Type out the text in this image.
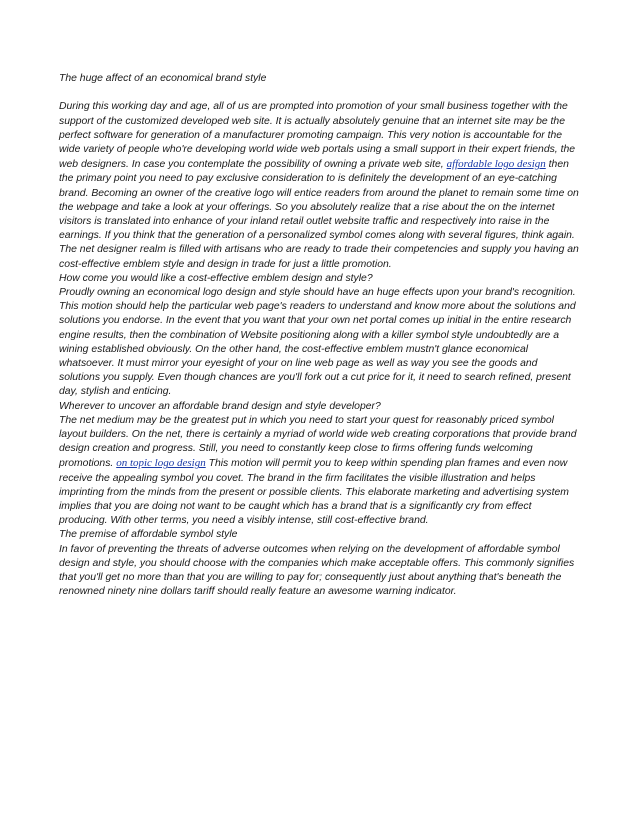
The huge affect of an economical brand style

During this working day and age, all of us are prompted into promotion of your small business together with the support of the customized developed web site. It is actually absolutely genuine that an internet site may be the perfect software for generation of a manufacturer promoting campaign. This very notion is accountable for the wide variety of people who're developing world wide web portals using a small support in their expert friends, the web designers. In case you contemplate the possibility of owning a private web site, affordable logo design then the primary point you need to pay exclusive consideration to is definitely the development of an eye-catching brand. Becoming an owner of the creative logo will entice readers from around the planet to remain some time on the webpage and take a look at your offerings. So you absolutely realize that a rise about the on the internet visitors is translated into enhance of your inland retail outlet website traffic and respectively into raise in the earnings. If you think that the generation of a personalized symbol comes along with several figures, think again. The net designer realm is filled with artisans who are ready to trade their competencies and supply you having an cost-effective emblem style and design in trade for just a little promotion.

How come you would like a cost-effective emblem design and style?

Proudly owning an economical logo design and style should have an huge effects upon your brand's recognition. This motion should help the particular web page's readers to understand and know more about the solutions and solutions you endorse. In the event that you want that your own net portal comes up initial in the entire research engine results, then the combination of Website positioning along with a killer symbol style undoubtedly are a wining established obviously. On the other hand, the cost-effective emblem mustn't glance economical whatsoever. It must mirror your eyesight of your on line web page as well as way you see the goods and solutions you supply. Even though chances are you'll fork out a cut price for it, it need to search refined, present day, stylish and enticing.

Wherever to uncover an affordable brand design and style developer?

The net medium may be the greatest put in which you need to start your quest for reasonably priced symbol layout builders. On the net, there is certainly a myriad of world wide web creating corporations that provide brand design creation and progress. Still, you need to constantly keep close to firms offering funds welcoming promotions. on topic logo design This motion will permit you to keep within spending plan frames and even now receive the appealing symbol you covet. The brand in the firm facilitates the visible illustration and helps imprinting from the minds from the present or possible clients. This elaborate marketing and advertising system implies that you are doing not want to be caught which has a brand that is a significantly cry from effect producing. With other terms, you need a visibly intense, still cost-effective brand.

The premise of affordable symbol style

In favor of preventing the threats of adverse outcomes when relying on the development of affordable symbol design and style, you should choose with the companies which make acceptable offers. This commonly signifies that you'll get no more than that you are willing to pay for; consequently just about anything that's beneath the renowned ninety nine dollars tariff should really feature an awesome warning indicator.
